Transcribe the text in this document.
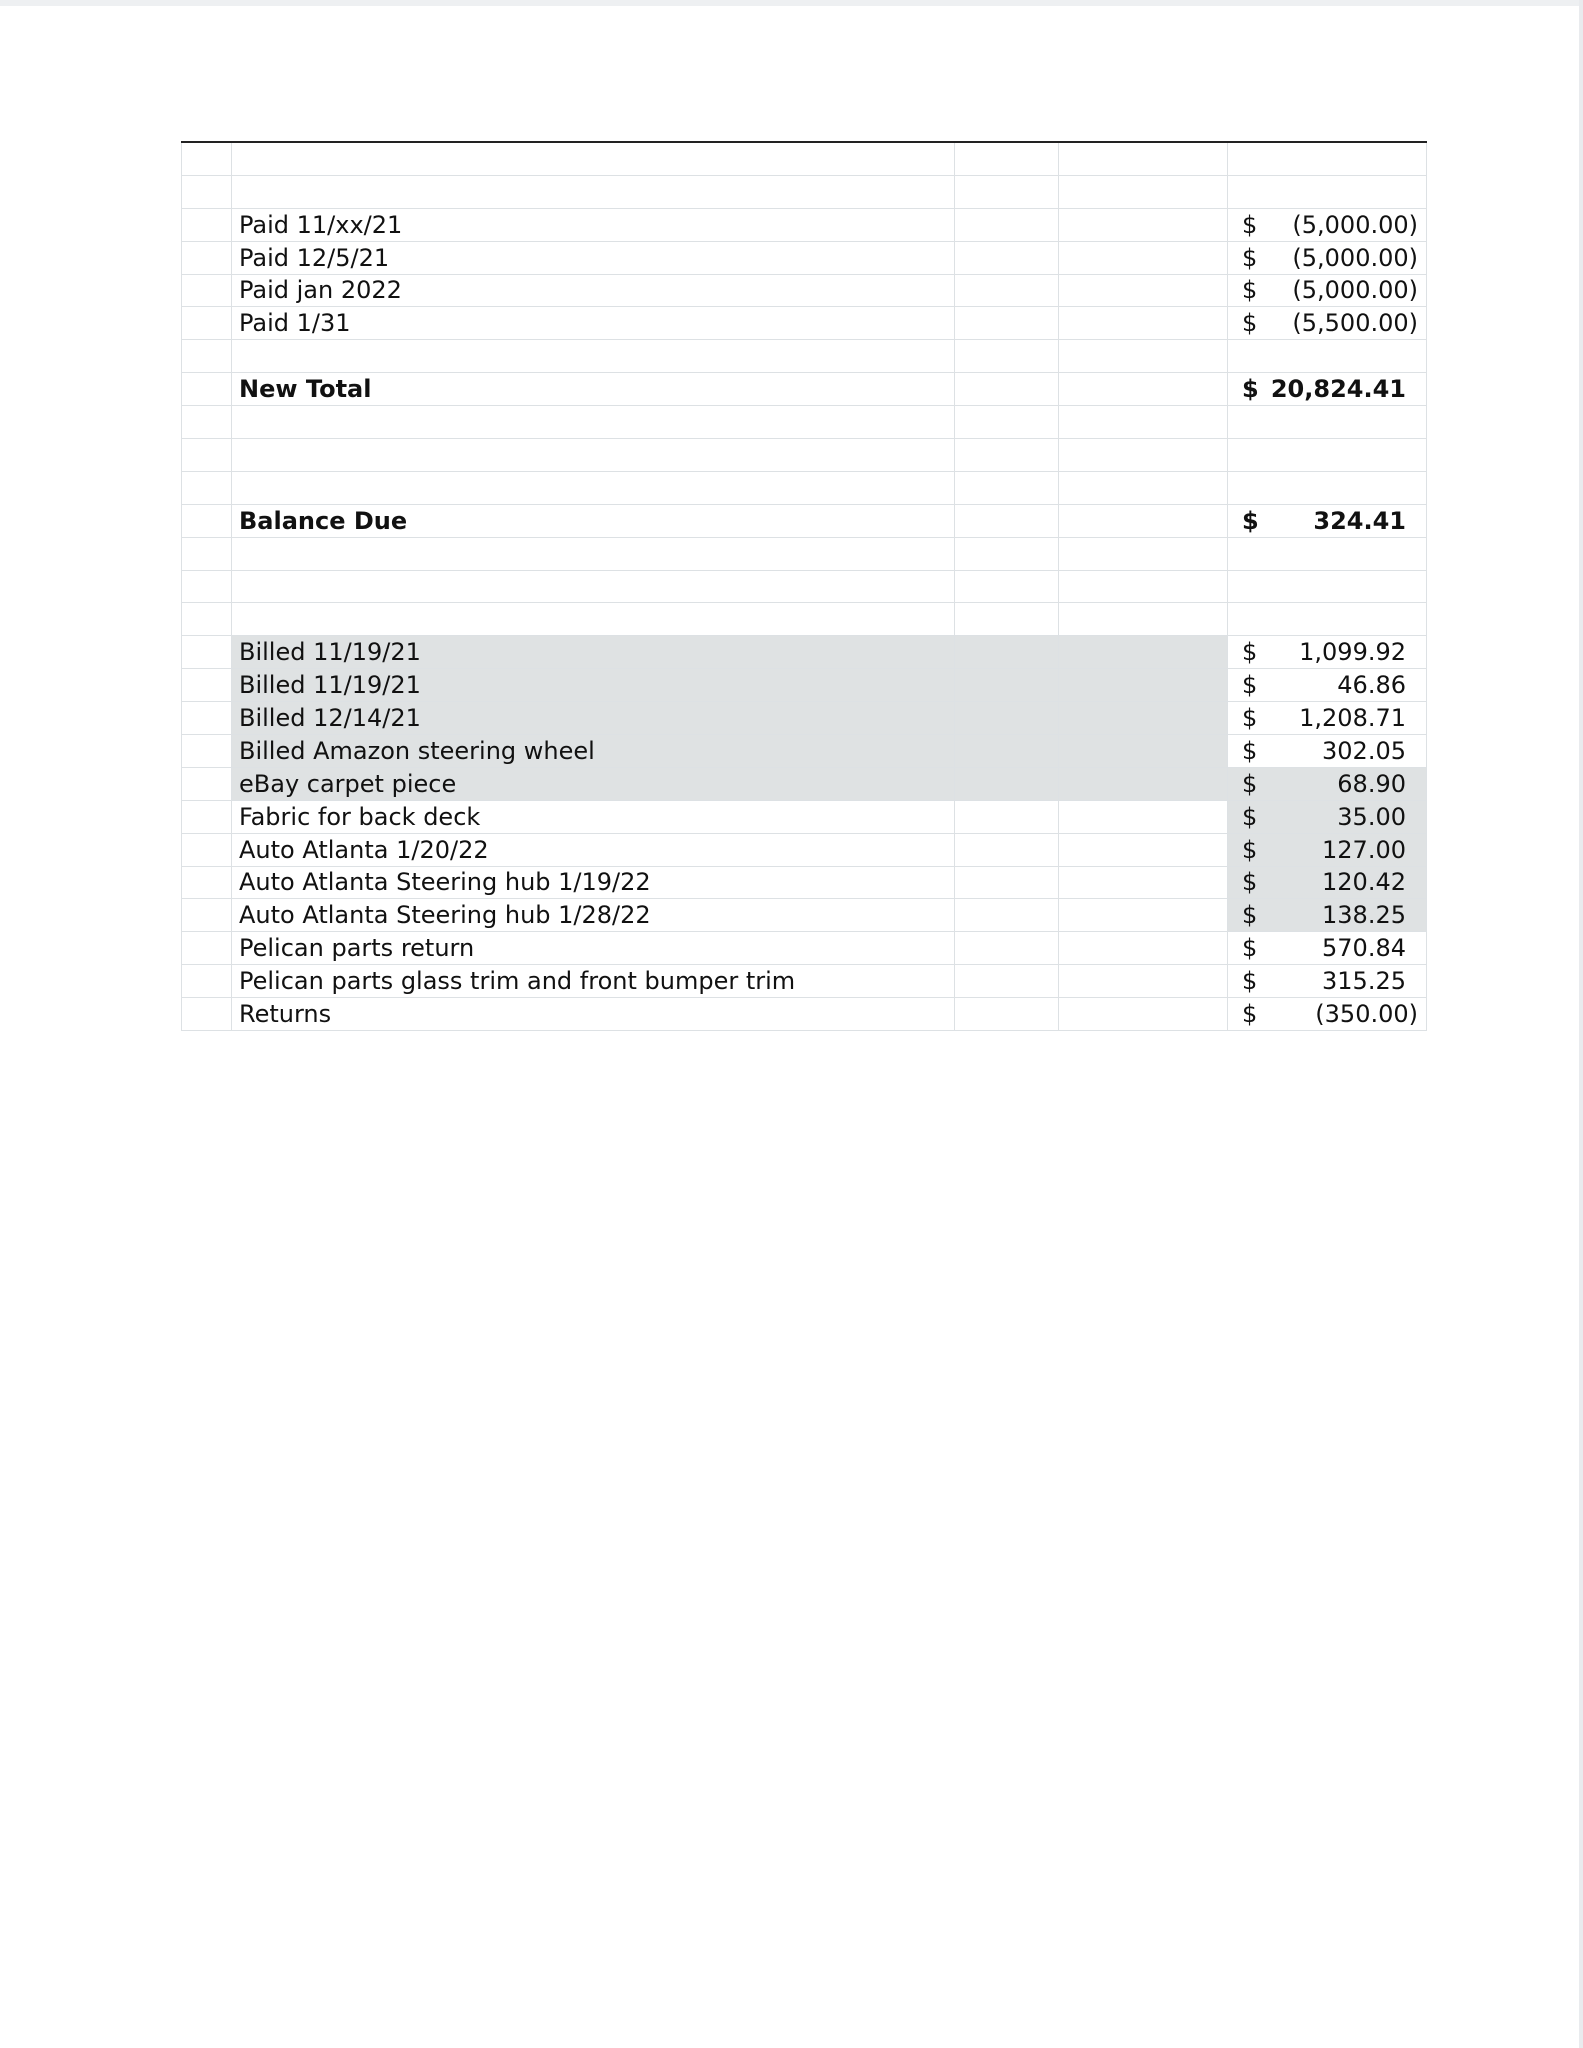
Paid 11/xx/21	$ (5,000.00)
Paid 12/5/21	$ (5,000.00)
Paid jan 2022	$ (5,000.00)
Paid 1/31	$ (5,500.00)
New Total	$ 20,824.41
Balance Due	$ 324.41
Billed 11/19/21	$ 1,099.92
Billed 11/19/21	$	46.86
Billed 12/14/21	$ 1,208.71
Billed Amazon steering wheel	$	302.05
eBay carpet piece	$	68.90
Fabric for back deck	$	35.00
Auto Atlanta 1/20/22	$	127.00
Auto Atlanta Steering hub 1/19/22	$	120.42
Auto Atlanta Steering hub 1/28/22	$	138.25
Pelican parts return	$	570.84
Pelican parts glass trim and front bumper trim	$	315.25
Returns	$ (350.00)
